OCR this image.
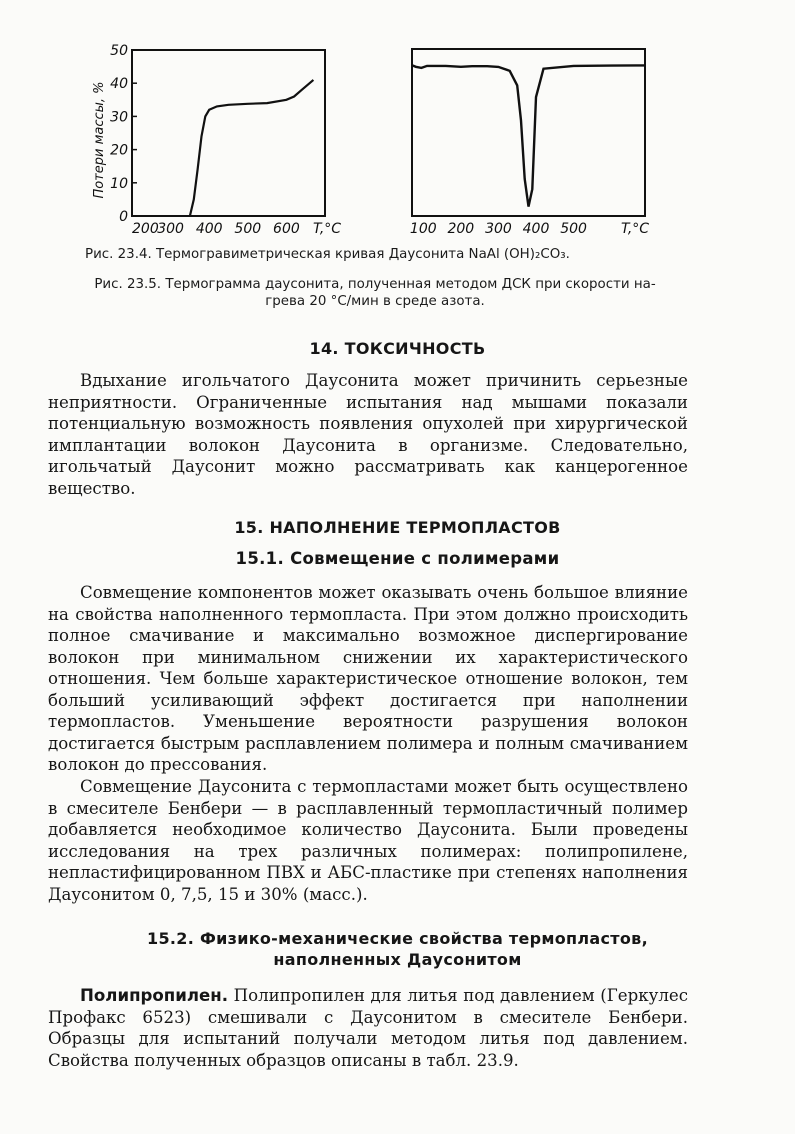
Потери массы, %
0
10
20
30
40
50
200
300 400 500 600 T,°C	100 200 300 400 500 T,°C
Рис. 23.4. Термогравиметрическая кривая Даусонита NaAl (OH)₂CO₃.
Рис. 23.5. Термограмма даусонита, полученная методом ДСК при скорости на-
грева 20 °С/мин в среде азота.
14. ТОКСИЧНОСТЬ

Вдыхание игольчатого Даусонита может причинить серьезные неприятности. Ограниченные испытания над мышами показали потенциальную возможность появления опухолей при хирургической имплантации волокон Даусонита в организме. Следовательно, игольчатый Даусонит можно рассматривать как канцерогенное вещество.

15. НАПОЛНЕНИЕ ТЕРМОПЛАСТОВ
15.1. Совмещение с полимерами

Совмещение компонентов может оказывать очень большое влияние на свойства наполненного термопласта. При этом должно происходить полное смачивание и максимально возможное диспергирование волокон при минимальном снижении их характеристического отношения. Чем больше характеристическое отношение волокон, тем больший усиливающий эффект достигается при наполнении термопластов. Уменьшение вероятности разрушения волокон достигается быстрым расплавлением полимера и полным смачиванием волокон до прессования.

Совмещение Даусонита с термопластами может быть осуществлено в смесителе Бенбери — в расплавленный термопластичный полимер добавляется необходимое количество Даусонита. Были проведены исследования на трех различных полимерах: полипропилене, непластифицированном ПВХ и АБС-пластике при степенях наполнения Даусонитом 0, 7,5, 15 и 30% (масс.).

15.2. Физико-механические свойства термопластов,
наполненных Даусонитом

Полипропилен. Полипропилен для литья под давлением (Геркулес Профакс 6523) смешивали с Даусонитом в смесителе Бенбери. Образцы для испытаний получали методом литья под давлением. Свойства полученных образцов описаны в табл. 23.9.
